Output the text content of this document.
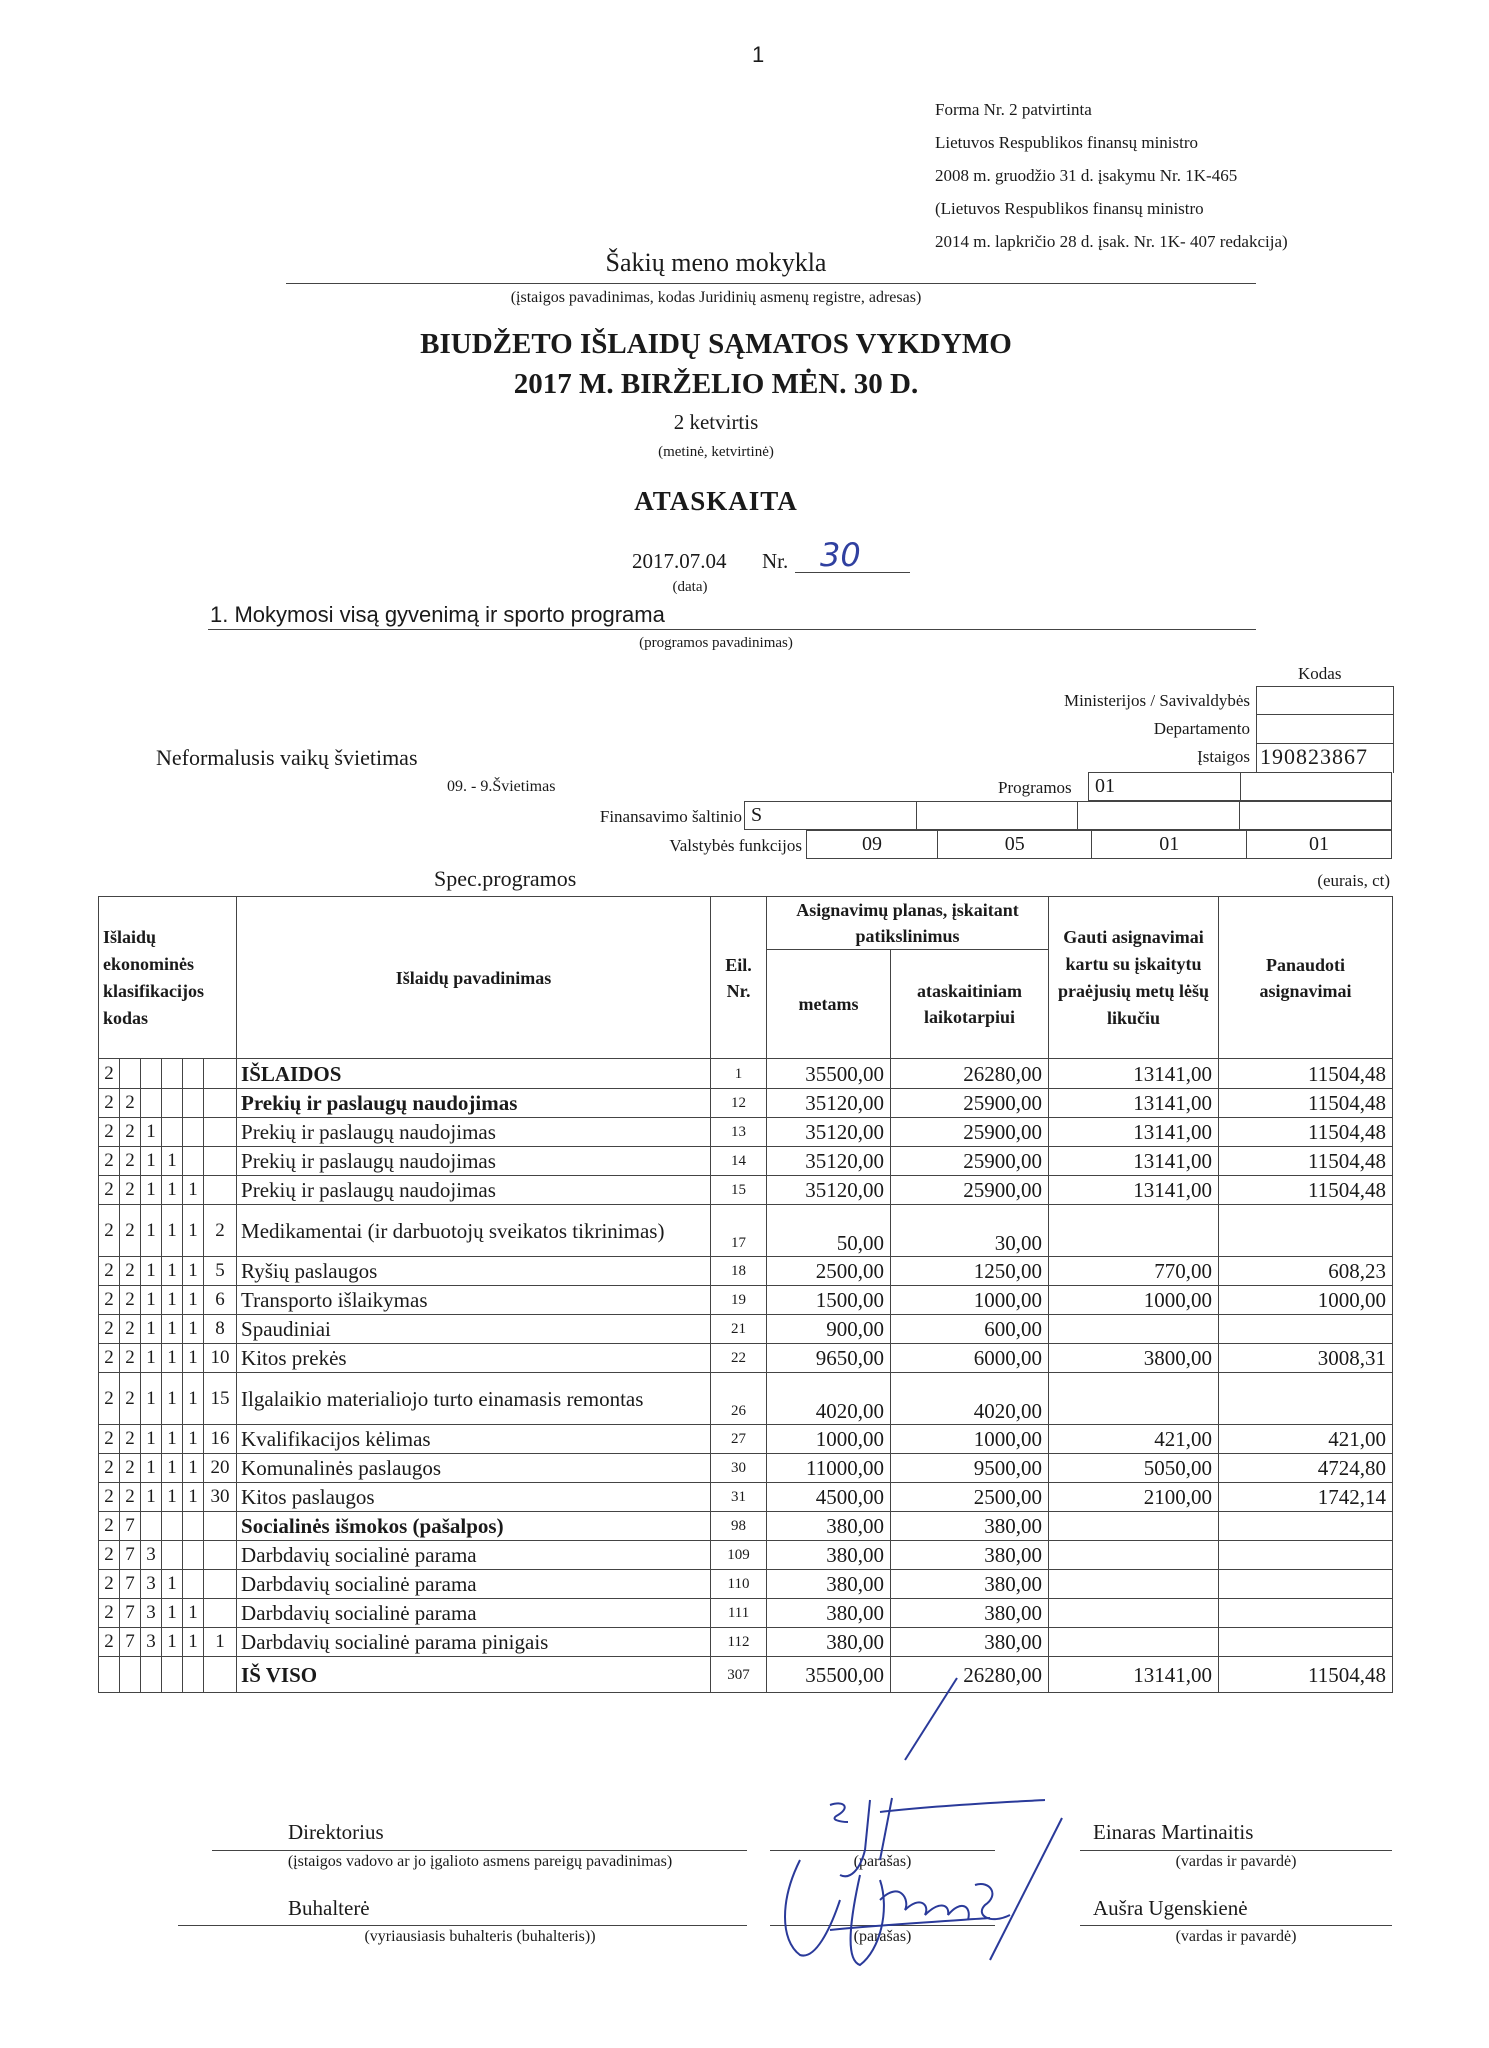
1
Forma Nr. 2 patvirtinta
Lietuvos Respublikos finansų ministro
2008 m. gruodžio 31 d. įsakymu Nr. 1K-465
(Lietuvos Respublikos finansų ministro
2014 m. lapkričio 28 d. įsak. Nr. 1K- 407 redakcija)
Šakių meno mokykla
(įstaigos pavadinimas, kodas Juridinių asmenų registre, adresas)
BIUDŽETO IŠLAIDŲ SĄMATOS VYKDYMO
2017 M. BIRŽELIO MĖN. 30 D.
2 ketvirtis
(metinė, ketvirtinė)
ATASKAITA
2017.07.04 Nr. 30
(data)
1. Mokymosi visą gyvenimą ir sporto programa
(programos pavadinimas)
Kodas
Ministerijos / Savivaldybės
Departamento
Įstaigos 190823867
Neformalusis vaikų švietimas
09. - 9.Švietimas	Programos 01	
Finansavimo šaltinio S			
Valstybės funkcijos	09	05	01	01
Spec.programos	(eurais, ct)
Išlaidų ekonominės klasifikacijos kodas						Išlaidų pavadinimas	Eil. Nr.	Asignavimų planas, įskaitant patikslinimus		Gauti asignavimai kartu su įskaitytu praėjusių metų lėšų likučiu	Panaudoti asignavimai
								metams	ataskaitiniam laikotarpiui		
2						IŠLAIDOS	1	35500,00	26280,00	13141,00	11504,48
2	2					Prekių ir paslaugų naudojimas	12	35120,00	25900,00	13141,00	11504,48
2	2	1				Prekių ir paslaugų naudojimas	13	35120,00	25900,00	13141,00	11504,48
2	2	1	1			Prekių ir paslaugų naudojimas	14	35120,00	25900,00	13141,00	11504,48
2	2	1	1	1		Prekių ir paslaugų naudojimas	15	35120,00	25900,00	13141,00	11504,48
2	2	1	1	1	2	Medikamentai (ir darbuotojų sveikatos tikrinimas)	17	50,00	30,00		
2	2	1	1	1	5	Ryšių paslaugos	18	2500,00	1250,00	770,00	608,23
2	2	1	1	1	6	Transporto išlaikymas	19	1500,00	1000,00	1000,00	1000,00
2	2	1	1	1	8	Spaudiniai	21	900,00	600,00		
2	2	1	1	1	10	Kitos prekės	22	9650,00	6000,00	3800,00	3008,31
2	2	1	1	1	15	Ilgalaikio materialiojo turto einamasis remontas	26	4020,00	4020,00		
2	2	1	1	1	16	Kvalifikacijos kėlimas	27	1000,00	1000,00	421,00	421,00
2	2	1	1	1	20	Komunalinės paslaugos	30	11000,00	9500,00	5050,00	4724,80
2	2	1	1	1	30	Kitos paslaugos	31	4500,00	2500,00	2100,00	1742,14
2	7					Socialinės išmokos (pašalpos)	98	380,00	380,00		
2	7	3				Darbdavių socialinė parama	109	380,00	380,00		
2	7	3	1			Darbdavių socialinė parama	110	380,00	380,00		
2	7	3	1	1		Darbdavių socialinė parama	111	380,00	380,00		
2	7	3	1	1	1	Darbdavių socialinė parama pinigais	112	380,00	380,00		
						IŠ VISO	307	35500,00	26280,00	13141,00	11504,48
Direktorius
(įstaigos vadovo ar jo įgalioto asmens pareigų pavadinimas)	(parašas)
Einaras Martinaitis
(vardas ir pavardė)
Buhalterė
(vyriausiasis buhalteris (buhalteris))	(parašas)
Aušra Ugenskienė
(vardas ir pavardė)
